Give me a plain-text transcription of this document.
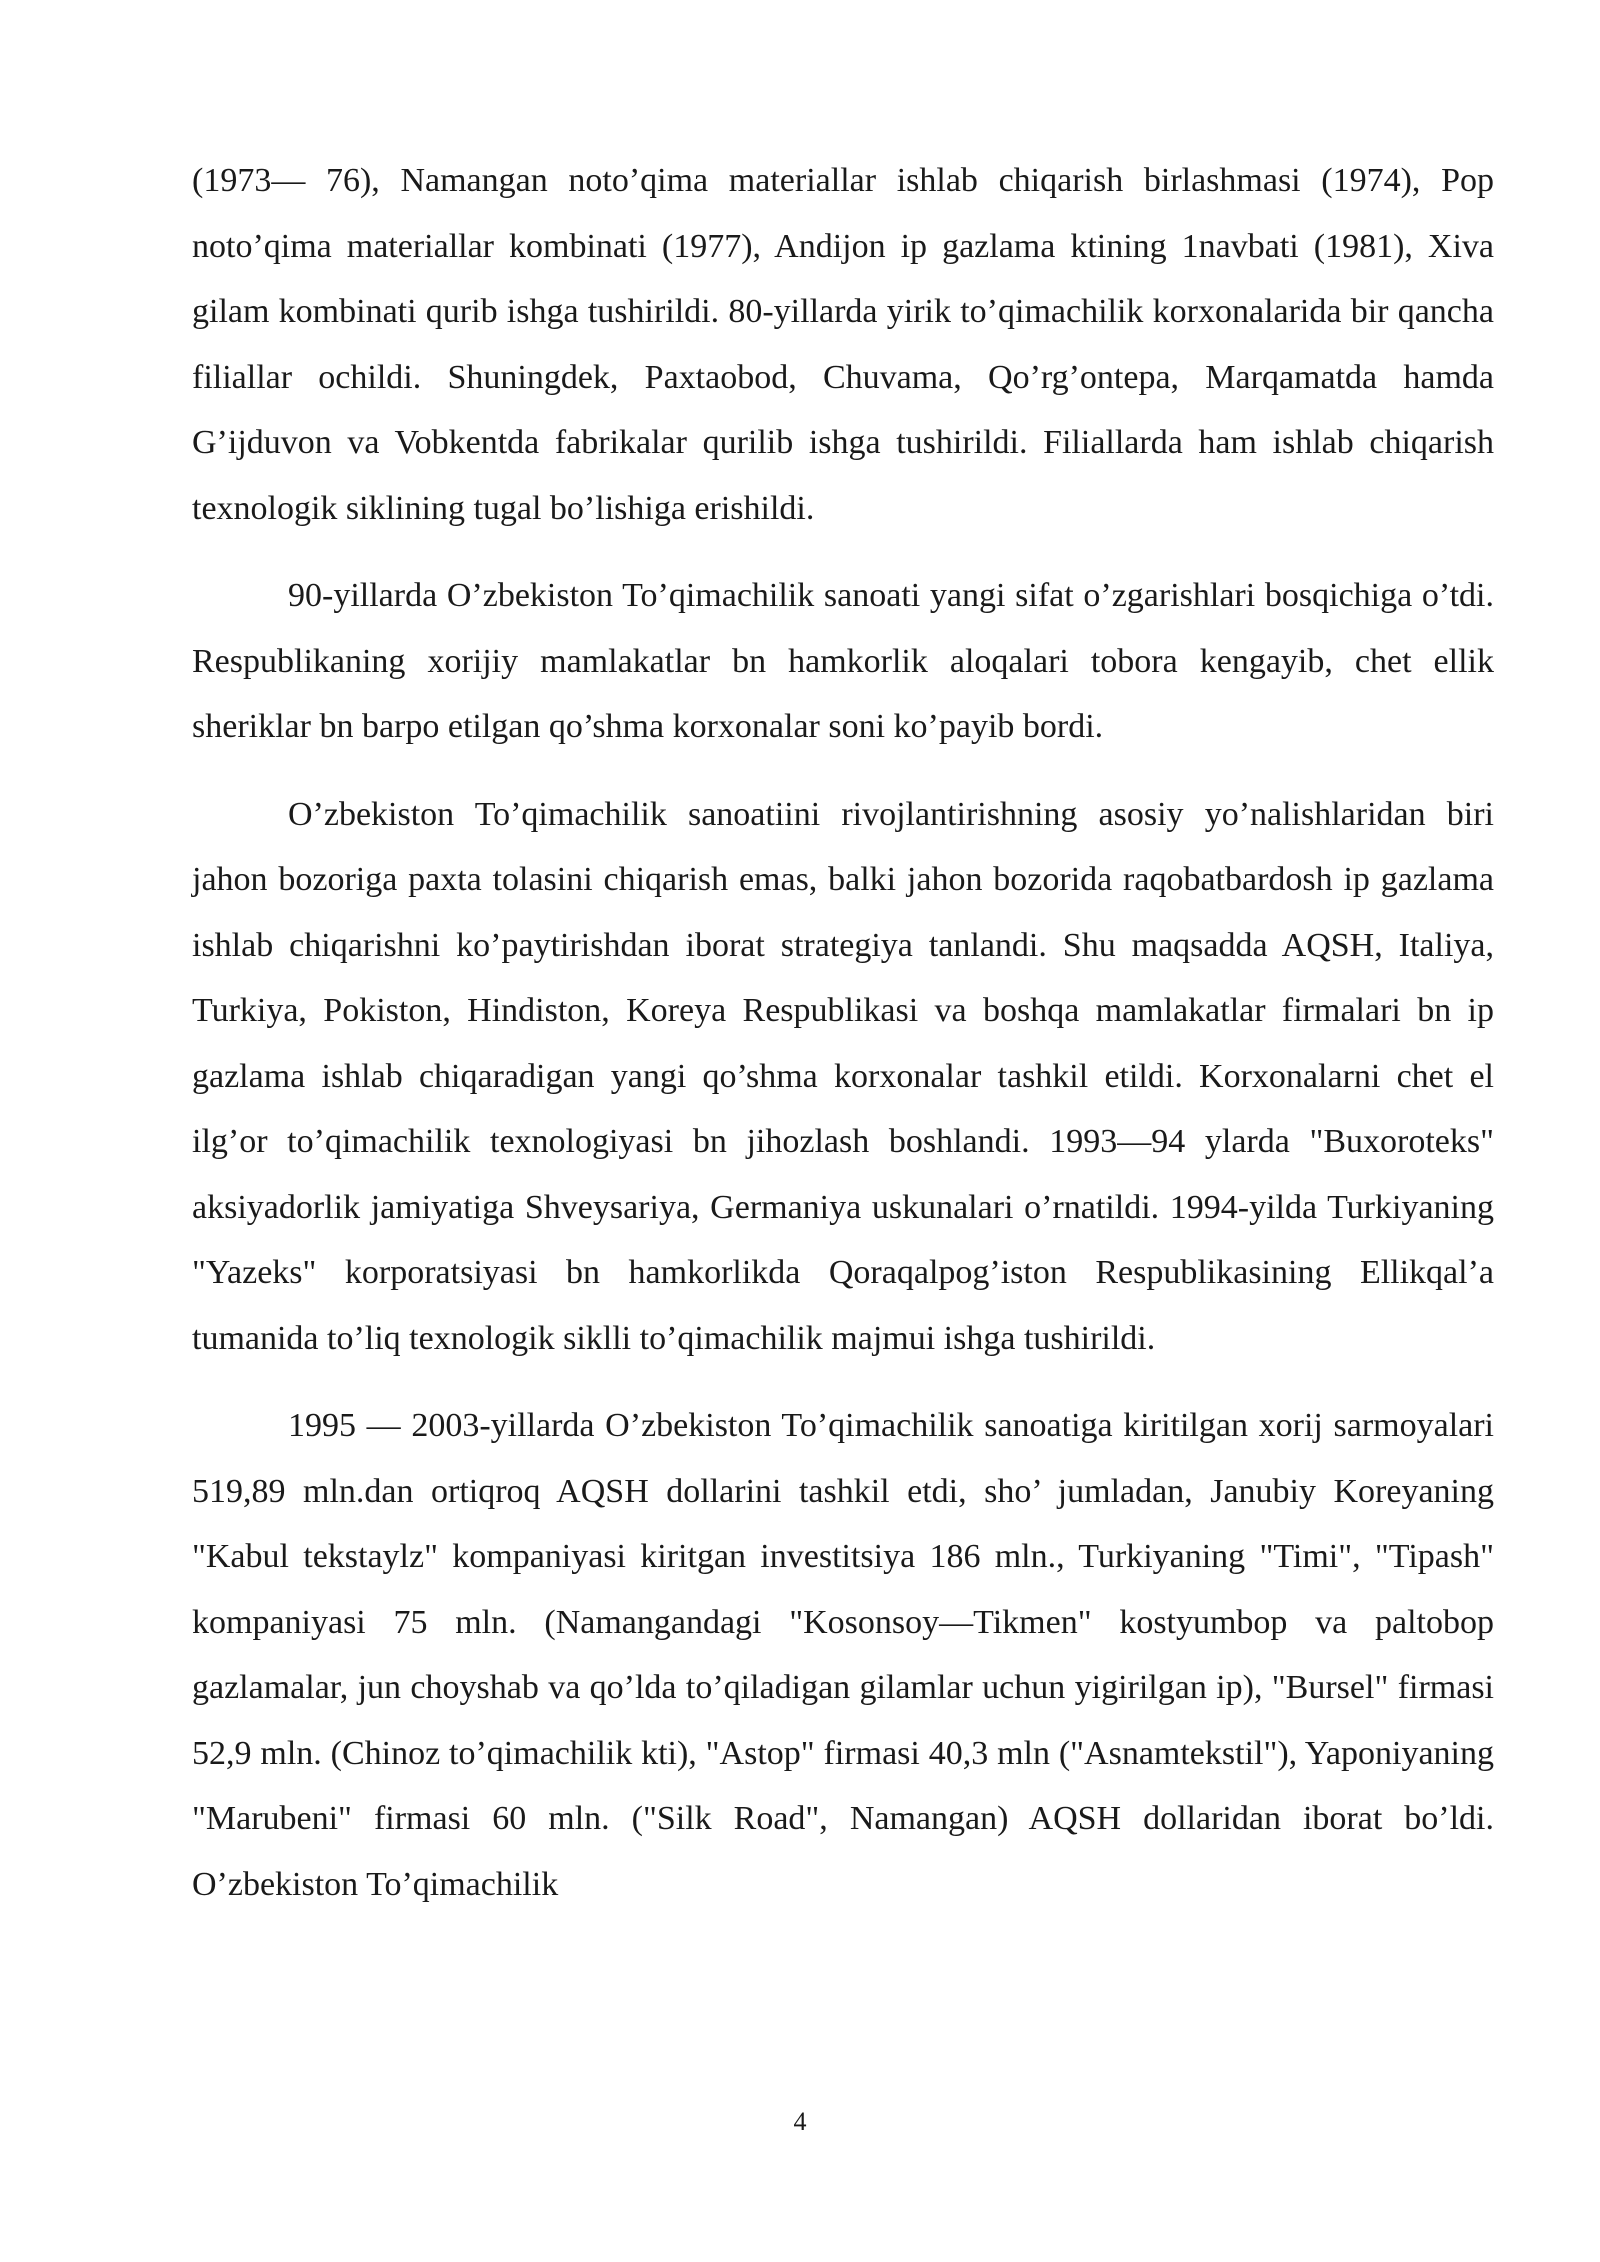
(1973— 76), Namangan noto’qima materiallar ishlab chiqarish birlashmasi (1974), Pop noto’qima materiallar kombinati (1977), Andijon ip gazlama ktining 1navbati (1981), Xiva gilam kombinati qurib ishga tushirildi. 80-yillarda yirik to’qimachilik korxonalarida bir qancha filiallar ochildi. Shuningdek, Paxtaobod, Chuvama, Qo’rg’ontepa, Marqamatda hamda G’ijduvon va Vobkentda fabrikalar qurilib ishga tushirildi. Filiallarda ham ishlab chiqarish texnologik siklining tugal bo’lishiga erishildi.

90-yillarda O’zbekiston To’qimachilik sanoati yangi sifat o’zgarishlari bosqichiga o’tdi. Respublikaning xorijiy mamlakatlar bn hamkorlik aloqalari tobora kengayib, chet ellik sheriklar bn barpo etilgan qo’shma korxonalar soni ko’payib bordi.

O’zbekiston To’qimachilik sanoatiini rivojlantirishning asosiy yo’nalishlaridan biri jahon bozoriga paxta tolasini chiqarish emas, balki jahon bozorida raqobatbardosh ip gazlama ishlab chiqarishni ko’paytirishdan iborat strategiya tanlandi. Shu maqsadda AQSH, Italiya, Turkiya, Pokiston, Hindiston, Koreya Respublikasi va boshqa mamlakatlar firmalari bn ip gazlama ishlab chiqaradigan yangi qo’shma korxonalar tashkil etildi. Korxonalarni chet el ilg’or to’qimachilik texnologiyasi bn jihozlash boshlandi. 1993—94 ylarda "Buxoroteks" aksiyadorlik jamiyatiga Shveysariya, Germaniya uskunalari o’rnatildi. 1994-yilda Turkiyaning "Yazeks" korporatsiyasi bn hamkorlikda Qoraqalpog’iston Respublikasining Ellikqal’a tumanida to’liq texnologik siklli to’qimachilik majmui ishga tushirildi.

1995 — 2003-yillarda O’zbekiston To’qimachilik sanoatiga kiritilgan xorij sarmoyalari 519,89 mln.dan ortiqroq AQSH dollarini tashkil etdi, sho’ jumladan, Janubiy Koreyaning "Kabul tekstaylz" kompaniyasi kiritgan investitsiya 186 mln., Turkiyaning "Timi", "Tipash" kompaniyasi 75 mln. (Namangandagi "Kosonsoy—Tikmen" kostyumbop va paltobop gazlamalar, jun choyshab va qo’lda to’qiladigan gilamlar uchun yigirilgan ip), "Bursel" firmasi 52,9 mln. (Chinoz to’qimachilik kti), "Astop" firmasi 40,3 mln ("Asnamtekstil"), Yaponiyaning "Marubeni" firmasi 60 mln. ("Silk Road", Namangan) AQSH dollaridan iborat bo’ldi. O’zbekiston To’qimachilik

4
